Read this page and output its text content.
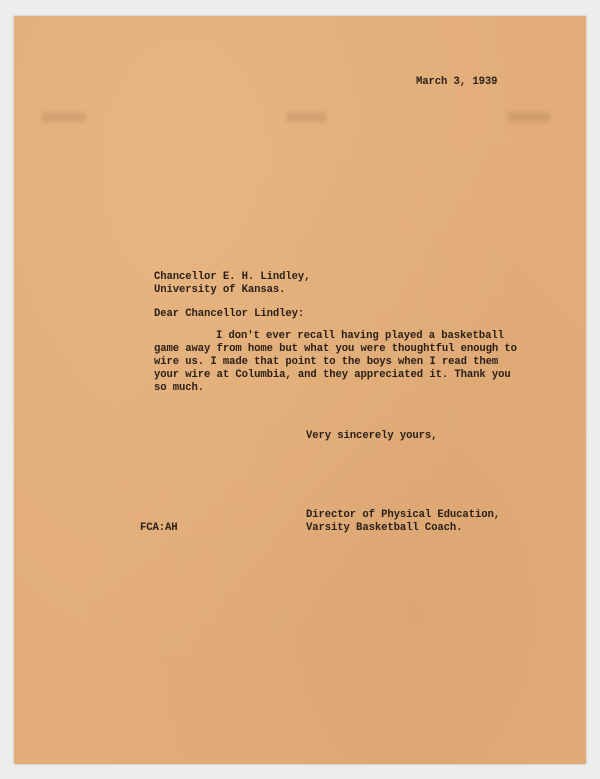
March 3, 1939
Chancellor E. H. Lindley,
University of Kansas.
Dear Chancellor Lindley:
I don't ever recall having played a basketball
game away from home but what you were thoughtful enough to
wire us. I made that point to the boys when I read them
your wire at Columbia, and they appreciated it. Thank you
so much.
Very sincerely yours,
Director of Physical Education,
Varsity Basketball Coach.
FCA:AH
